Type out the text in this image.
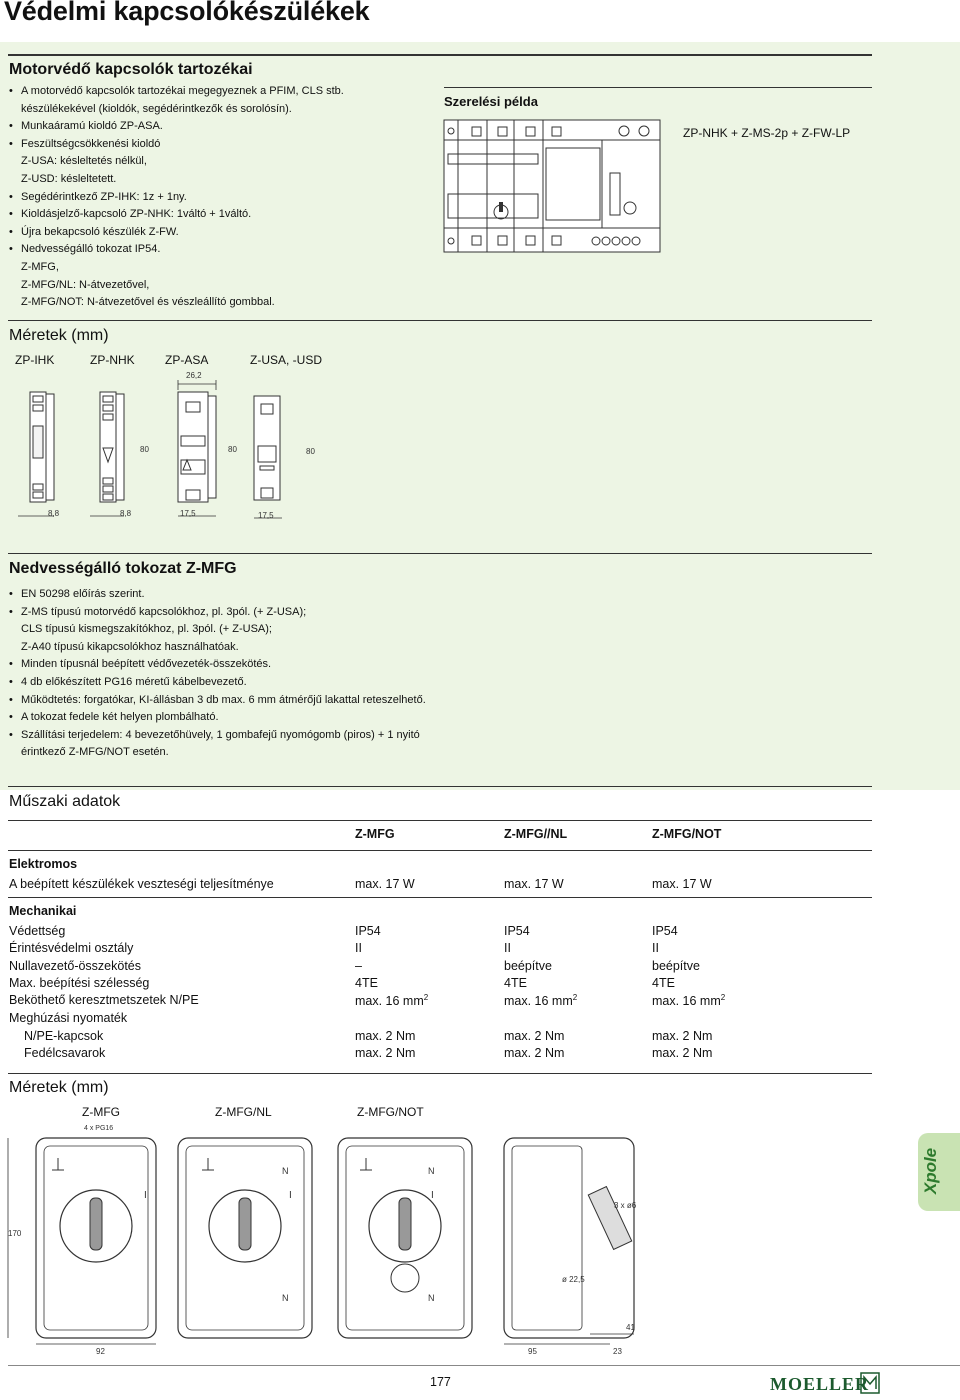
Védelmi kapcsolókészülékek
Motorvédő kapcsolók tartozékai
• A motorvédő kapcsolók tartozékai megegyeznek a PFIM, CLS stb.
készülékekével (kioldók, segédérintkezők és sorolósín).
• Munkaáramú kioldó ZP-ASA.
• Feszültségcsökkenési kioldó
Z-USA: késleltetés nélkül,
Z-USD: késleltetett.
• Segédérintkező ZP-IHK: 1z + 1ny.
• Kioldásjelző-kapcsoló ZP-NHK: 1váltó + 1váltó.
• Újra bekapcsoló készülék Z-FW.
• Nedvességálló tokozat IP54.
Z-MFG,
Z-MFG/NL: N-átvezetővel,
Z-MFG/NOT: N-átvezetővel és vészleállító gombbal.
Szerelési példa
ZP-NHK + Z-MS-2p + Z-FW-LP
Méretek (mm)
ZP-IHK	ZP-NHK	ZP-ASA	Z-USA, -USD
26,2
80	80	80
8,8	8,8	17,5	17,5
Nedvességálló tokozat Z-MFG
• EN 50298 előírás szerint.
• Z-MS típusú motorvédő kapcsolókhoz, pl. 3pól. (+ Z-USA);
CLS típusú kismegszakítókhoz, pl. 3pól. (+ Z-USA);
Z-A40 típusú kikapcsolókhoz használhatóak.
• Minden típusnál beépített védővezeték-összekötés.
• 4 db előkészített PG16 méretű kábelbevezető.
• Működtetés: forgatókar, KI-állásban 3 db max. 6 mm átmérőjű lakattal reteszelhető.
• A tokozat fedele két helyen plombálható.
• Szállítási terjedelem: 4 bevezetőhüvely, 1 gombafejű nyomógomb (piros) + 1 nyitó
érintkező Z-MFG/NOT esetén.
Műszaki adatok
Z-MFG	Z-MFG//NL	Z-MFG/NOT
Elektromos
A beépített készülékek veszteségi teljesítménye	max. 17 W	max. 17 W	max. 17 W
Mechanikai
Védettség	IP54	IP54	IP54
Érintésvédelmi osztály	II	II	II
Nullavezető-összekötés	–	beépítve	beépítve
Max. beépítési szélesség	4TE	4TE	4TE
Beköthető keresztmetszetek N/PE	max. 16 $mm^2$	max. 16 $mm^2$	max. 16 $mm^2$
Meghúzási nyomaték
N/PE-kapcsok	max. 2 Nm	max. 2 Nm	max. 2 Nm
Fedélcsavarok	max. 2 Nm	max. 2 Nm	max. 2 Nm
Méretek (mm)
Z-MFG	Z-MFG/NL	Z-MFG/NOT
4 x PG16
170
92	95	23
41
ø 22,5
3 x ø6
N	N
N	N
I	I	I
Xpole
177	MOELLER
